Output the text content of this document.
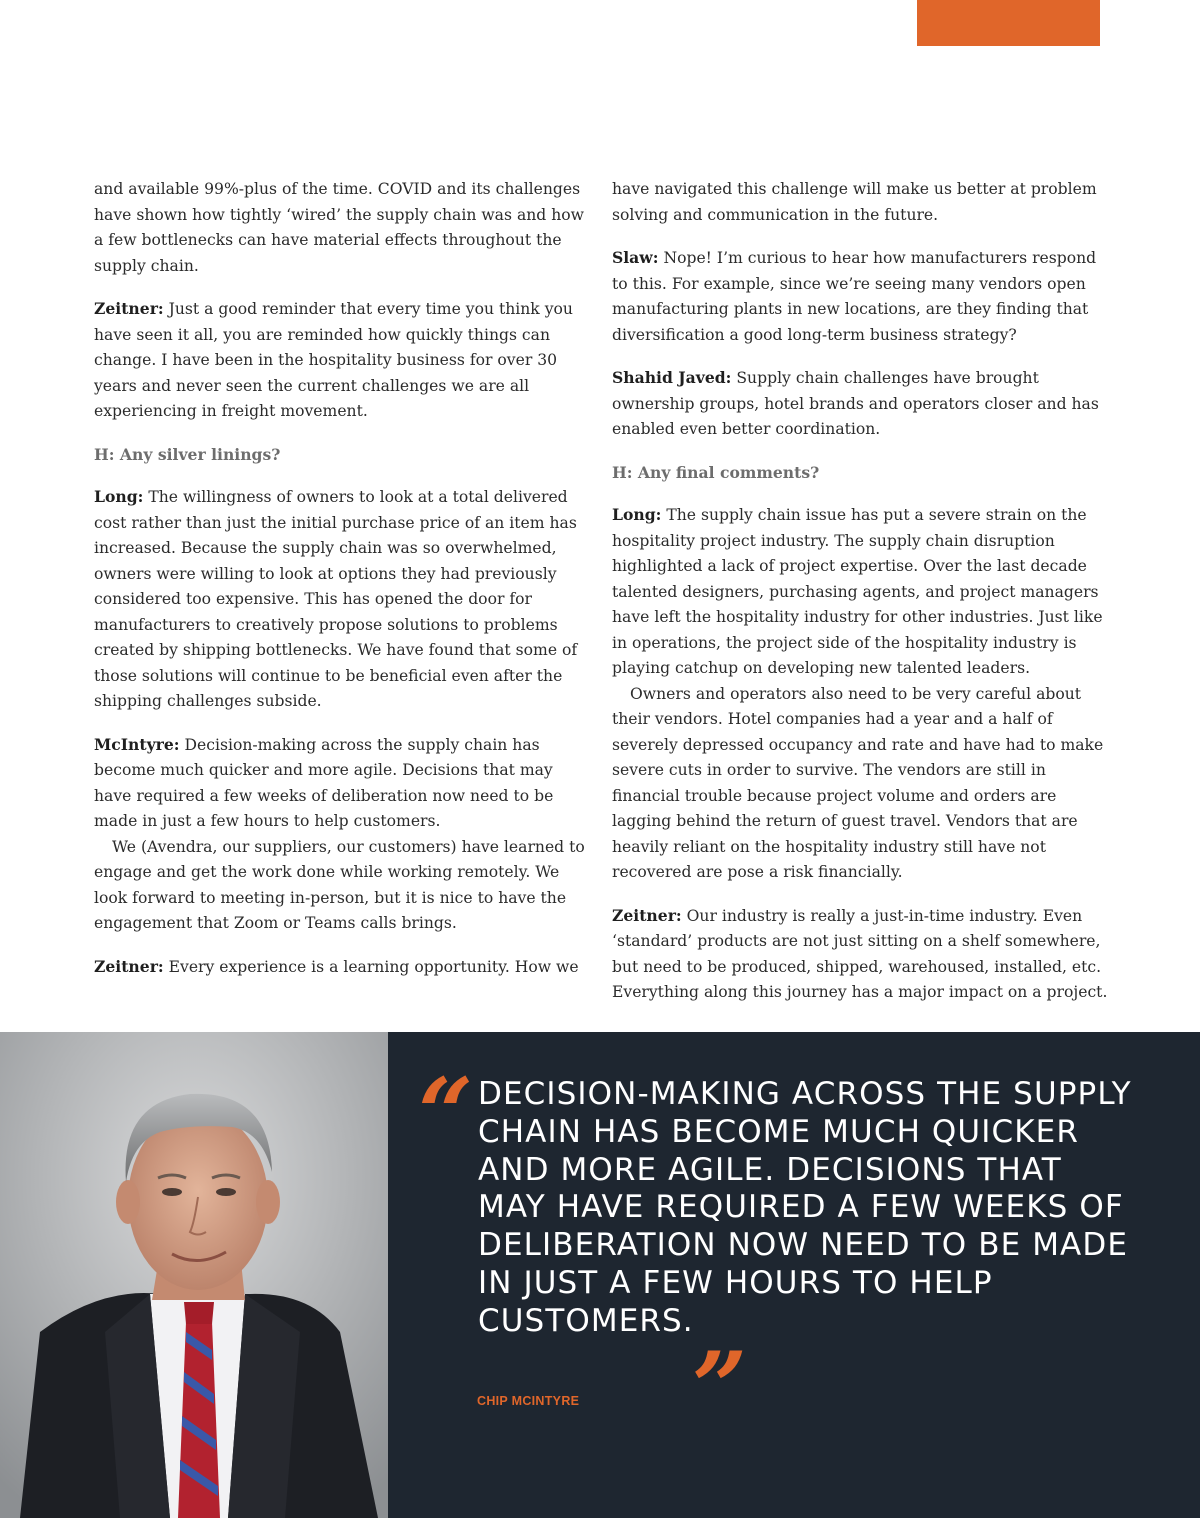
and available 99%-plus of the time. COVID and its challenges have shown how tightly ‘wired’ the supply chain was and how a few bottlenecks can have material effects throughout the supply chain.

Zeitner: Just a good reminder that every time you think you have seen it all, you are reminded how quickly things can change. I have been in the hospitality business for over 30 years and never seen the current challenges we are all experiencing in freight movement.

H: Any silver linings?

Long: The willingness of owners to look at a total delivered cost rather than just the initial purchase price of an item has increased. Because the supply chain was so overwhelmed, owners were willing to look at options they had previously considered too expensive. This has opened the door for manufacturers to creatively propose solutions to problems created by shipping bottlenecks. We have found that some of those solutions will continue to be beneficial even after the shipping challenges subside.

McIntyre: Decision-making across the supply chain has become much quicker and more agile. Decisions that may have required a few weeks of deliberation now need to be made in just a few hours to help customers.

We (Avendra, our suppliers, our customers) have learned to engage and get the work done while working remotely. We look forward to meeting in-person, but it is nice to have the engagement that Zoom or Teams calls brings.

Zeitner: Every experience is a learning opportunity. How we

have navigated this challenge will make us better at problem solving and communication in the future.

Slaw: Nope! I’m curious to hear how manufacturers respond to this. For example, since we’re seeing many vendors open manufacturing plants in new locations, are they finding that diversification a good long-term business strategy?

Shahid Javed: Supply chain challenges have brought ownership groups, hotel brands and operators closer and has enabled even better coordination.

H: Any final comments?

Long: The supply chain issue has put a severe strain on the hospitality project industry. The supply chain disruption highlighted a lack of project expertise. Over the last decade talented designers, purchasing agents, and project managers have left the hospitality industry for other industries. Just like in operations, the project side of the hospitality industry is playing catchup on developing new talented leaders.

Owners and operators also need to be very careful about their vendors. Hotel companies had a year and a half of severely depressed occupancy and rate and have had to make severe cuts in order to survive. The vendors are still in financial trouble because project volume and orders are lagging behind the return of guest travel. Vendors that are heavily reliant on the hospitality industry still have not recovered are pose a risk financially.

Zeitner: Our industry is really a just-in-time industry. Even ‘standard’ products are not just sitting on a shelf somewhere, but need to be produced, shipped, warehoused, installed, etc. Everything along this journey has a major impact on a project.

“ DECISION-MAKING ACROSS THE SUPPLY CHAIN HAS BECOME MUCH QUICKER AND MORE AGILE. DECISIONS THAT MAY HAVE REQUIRED A FEW WEEKS OF DELIBERATION NOW NEED TO BE MADE IN JUST A FEW HOURS TO HELP CUSTOMERS.

”
CHIP MCINTYRE
